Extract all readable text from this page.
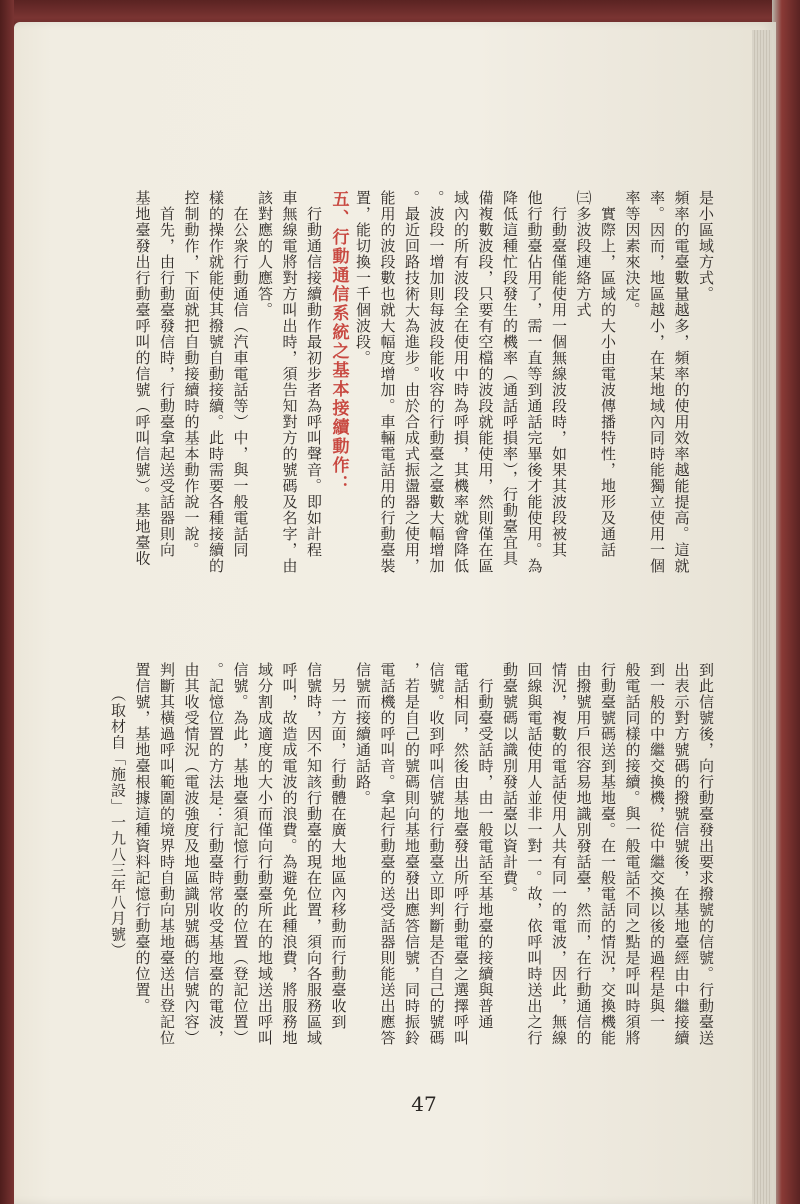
是小區域方式。
頻率的電臺數量越多，頻率的使用效率越能提高。這就
率。因而，地區越小，在某地域內同時能獨立使用一個
率等因素來決定。
　實際上，區域的大小由電波傳播特性，地形及通話
㈢多波段連絡方式
　行動臺僅能使用一個無線波段時，如果其波段被其
他行動臺佔用了，需一直等到通話完畢後才能使用。為
降低這種忙段發生的機率（通話呼損率），行動臺宜具
備複數波段，只要有空檔的波段就能使用，然則僅在區
域內的所有波段全在使用中時為呼損，其機率就會降低
。波段一增加則每波段能收容的行動臺之臺數大幅增加
。最近回路技術大為進步。由於合成式振盪器之使用，
能用的波段數也就大幅度增加。車輛電話用的行動臺裝
置，能切換一千個波段。
五、行動通信系統之基本接續動作：
　行動通信接續動作最初步者為呼叫聲音。即如計程
車無線電將對方叫出時，須告知對方的號碼及名字，由
該對應的人應答。
　在公衆行動通信（汽車電話等）中，與一般電話同
樣的操作就能使其撥號自動接續。此時需要各種接續的
控制動作，下面就把自動接續時的基本動作說一說。
　首先，由行動臺發信時，行動臺拿起送受話器則向
基地臺發出行動臺呼叫的信號（呼叫信號）。基地臺收
到此信號後，向行動臺發出要求撥號的信號。行動臺送
出表示對方號碼的撥號信號後，在基地臺經由中繼接續
到一般的中繼交換機，從中繼交換以後的過程是與一
般電話同樣的接續。與一般電話不同之點是呼叫時須將
行動臺號碼送到基地臺。在一般電話的情況，交換機能
由撥號用戶很容易地識別發話臺，然而，在行動通信的
情況，複數的電話使用人共有同一的電波，因此，無線
回線與電話使用人並非一對一。故，依呼叫時送出之行
動臺號碼以識別發話臺以資計費。
　行動臺受話時，由一般電話至基地臺的接續與普通
電話相同，然後由基地臺發出所呼行動電臺之選擇呼叫
信號。收到呼叫信號的行動臺立即判斷是否自己的號碼
，若是自己的號碼則向基地臺發出應答信號，同時振鈴
電話機的呼叫音。拿起行動臺的送受話器則能送出應答
信號而接續通話路。
　另一方面，行動體在廣大地區內移動而行動臺收到
信號時，因不知該行動臺的現在位置，須向各服務區域
呼叫，故造成電波的浪費。為避免此種浪費，將服務地
域分割成適度的大小而僅向行動臺所在的地域送出呼叫
信號。為此，基地臺須記憶行動臺的位置（登記位置）
。記憶位置的方法是：行動臺時常收受基地臺的電波，
由其收受情況（電波強度及地區識別號碼的信號內容）
判斷其橫過呼叫範圍的境界時自動向基地臺送出登記位
置信號，基地臺根據這種資料記憶行動臺的位置。
　　（取材自「施設」一九八三年八月號）
47
